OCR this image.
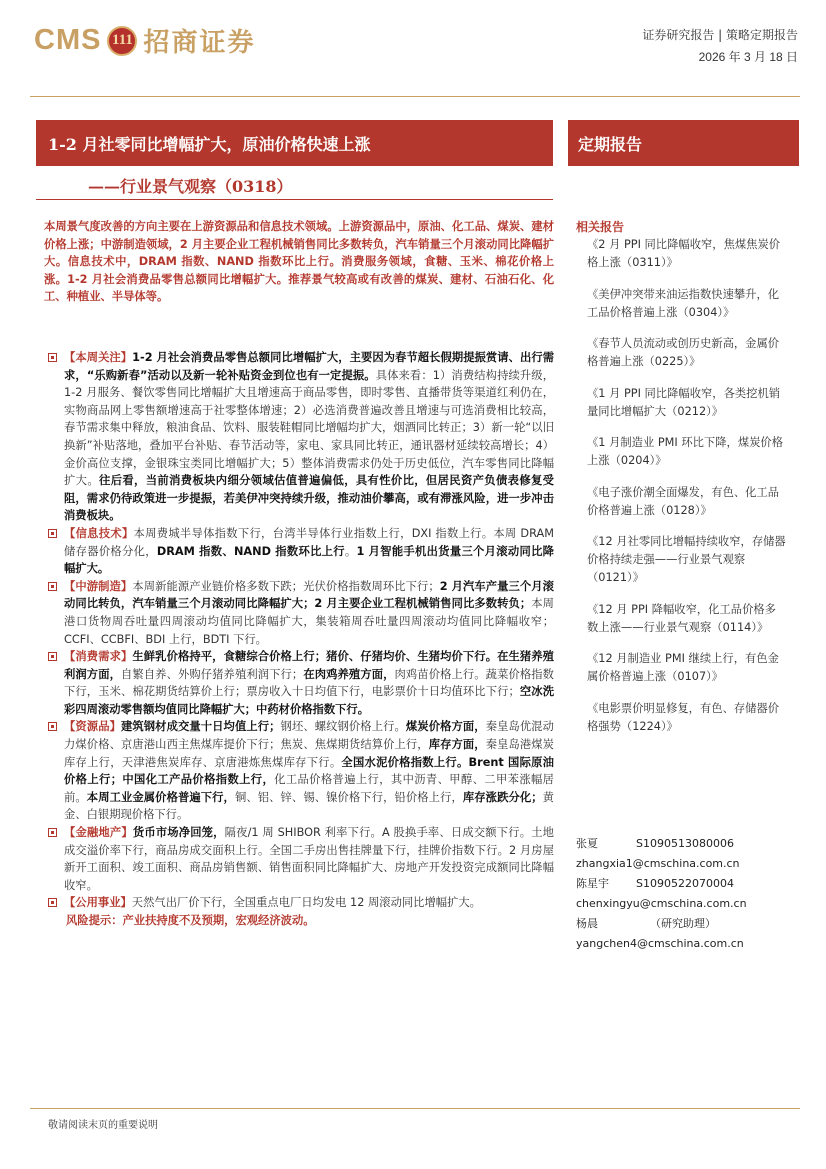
CMS 111 招商证券	证券研究报告 | 策略定期报告
2026 年 3 月 18 日
1-2 月社零同比增幅扩大，原油价格快速上涨
——行业景气观察（0318）
定期报告
本周景气度改善的方向主要在上游资源品和信息技术领域。上游资源品中，原油、化工品、煤炭、建材价格上涨；中游制造领域，2 月主要企业工程机械销售同比多数转负，汽车销量三个月滚动同比降幅扩大。信息技术中，DRAM 指数、NAND 指数环比上行。消费服务领域，食糖、玉米、棉花价格上涨。1-2 月社会消费品零售总额同比增幅扩大。推荐景气较高或有改善的煤炭、建材、石油石化、化工、种植业、半导体等。
【本周关注】1-2 月社会消费品零售总额同比增幅扩大，主要因为春节超长假期提振赏请、出行需求，“乐购新春”活动以及新一轮补贴资金到位也有一定提振。具体来看：1）消费结构持续升级，1-2 月服务、餐饮零售同比增幅扩大且增速高于商品零售，即时零售、直播带货等渠道红利仍在，实物商品网上零售额增速高于社零整体增速；2）必选消费普遍改善且增速与可选消费相比较高，春节需求集中释放，粮油食品、饮料、服装鞋帽同比增幅均扩大，烟酒同比转正；3）新一轮“以旧换新”补贴落地，叠加平台补贴、春节活动等，家电、家具同比转正，通讯器材延续较高增长；4）金价高位支撑，金银珠宝类同比增幅扩大；5）整体消费需求仍处于历史低位，汽车零售同比降幅扩大。往后看，当前消费板块内细分领域估值普遍偏低，具有性价比，但居民资产负债表修复受阻，需求仍待政策进一步提振，若美伊冲突持续升级，推动油价攀高，或有滞涨风险，进一步冲击消费板块。
【信息技术】本周费城半导体指数下行，台湾半导体行业指数上行，DXI 指数上行。本周 DRAM 储存器价格分化，DRAM 指数、NAND 指数环比上行。1 月智能手机出货量三个月滚动同比降幅扩大。
【中游制造】本周新能源产业链价格多数下跌；光伏价格指数周环比下行；2 月汽车产量三个月滚动同比转负，汽车销量三个月滚动同比降幅扩大；2 月主要企业工程机械销售同比多数转负；本周港口货物周吞吐量四周滚动均值同比降幅扩大，集装箱周吞吐量四周滚动均值同比降幅收窄；CCFI、CCBFI、BDI 上行，BDTI 下行。
【消费需求】生鲜乳价格持平，食糖综合价格上行；猪价、仔猪均价、生猪均价下行。在生猪养殖利润方面，自繁自养、外购仔猪养殖利润下行；在肉鸡养殖方面，肉鸡苗价格上行。蔬菜价格指数下行，玉米、棉花期货结算价上行；票房收入十日均值下行，电影票价十日均值环比下行；空冰洗彩四周滚动零售额均值同比降幅扩大；中药材价格指数下行。
【资源品】建筑钢材成交量十日均值上行；钢坯、螺纹钢价格上行。煤炭价格方面，秦皇岛优混动力煤价格、京唐港山西主焦煤库提价下行；焦炭、焦煤期货结算价上行，库存方面，秦皇岛港煤炭库存上行，天津港焦炭库存、京唐港炼焦煤库存下行。全国水泥价格指数上行。Brent 国际原油价格上行；中国化工产品价格指数上行，化工品价格普遍上行，其中沥青、甲醇、二甲苯涨幅居前。本周工业金属价格普遍下行，铜、铝、锌、锡、镍价格下行，铅价格上行，库存涨跌分化；黄金、白银期现价格下行。
【金融地产】货币市场净回笼，隔夜/1 周 SHIBOR 利率下行。A 股换手率、日成交额下行。土地成交溢价率下行，商品房成交面积上行。全国二手房出售挂牌量下行，挂牌价指数下行。2 月房屋新开工面积、竣工面积、商品房销售额、销售面积同比降幅扩大、房地产开发投资完成额同比降幅收窄。
【公用事业】天然气出厂价下行，全国重点电厂日均发电 12 周滚动同比增幅扩大。
风险提示：产业扶持度不及预期，宏观经济波动。
相关报告
《2 月 PPI 同比降幅收窄，焦煤焦炭价格上涨（0311）》
《美伊冲突带来油运指数快速攀升，化工品价格普遍上涨（0304）》
《春节人员流动或创历史新高，金属价格普遍上涨（0225）》
《1 月 PPI 同比降幅收窄，各类挖机销量同比增幅扩大（0212）》
《1 月制造业 PMI 环比下降，煤炭价格上涨（0204）》
《电子涨价潮全面爆发，有色、化工品价格普遍上涨（0128）》
《12 月社零同比增幅持续收窄，存储器价格持续走强——行业景气观察（0121）》
《12 月 PPI 降幅收窄，化工品价格多数上涨——行业景气观察（0114）》
《12 月制造业 PMI 继续上行，有色金属价格普遍上涨（0107）》
《电影票价明显修复，有色、存储器价格强势（1224）》
张夏	S1090513080006
zhangxia1@cmschina.com.cn
陈星宇	S1090522070004
chenxingyu@cmschina.com.cn
杨晨	（研究助理）
yangchen4@cmschina.com.cn
敬请阅读末页的重要说明
